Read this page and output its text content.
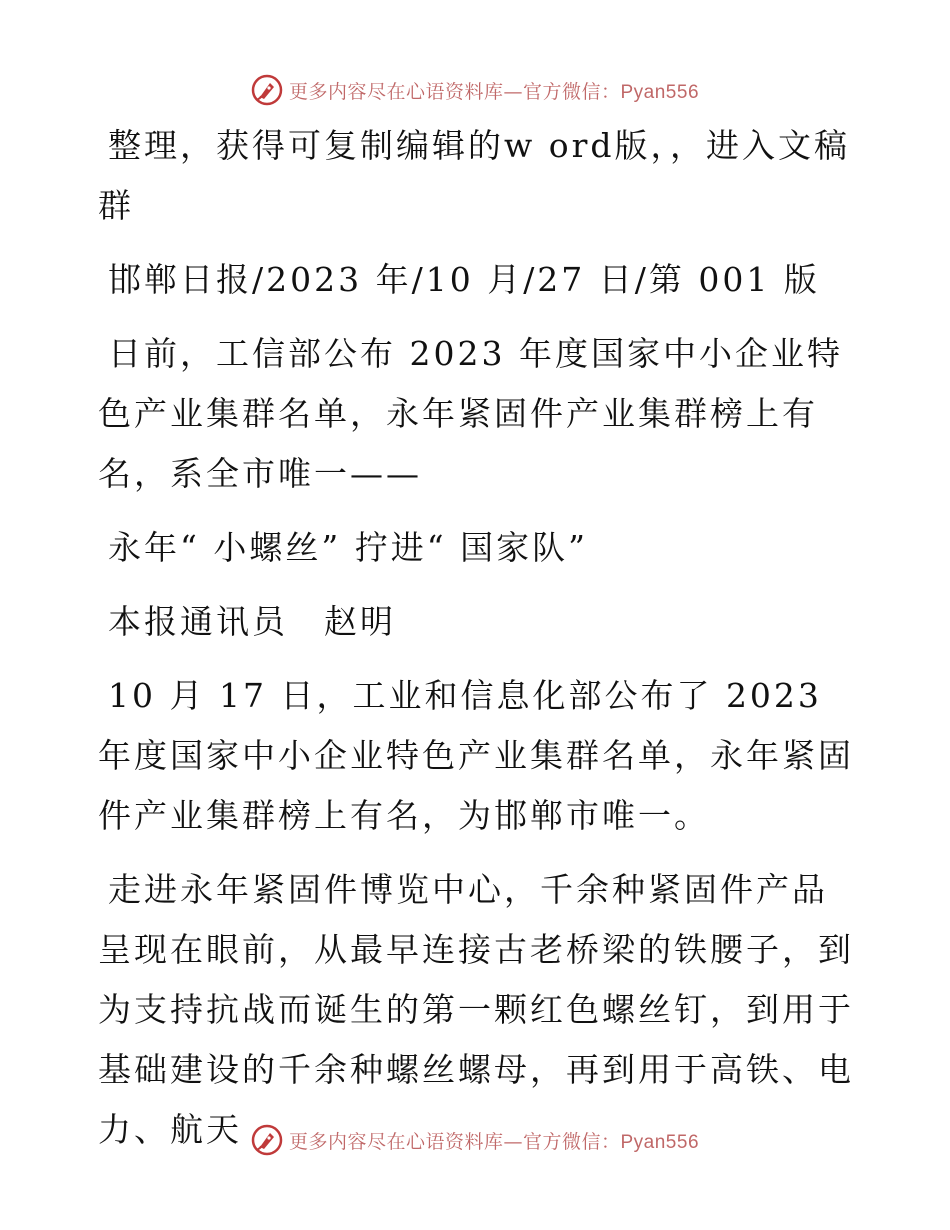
更多内容尽在心语资料库—官方微信：Pyan556

整理，获得可复制编辑的w ord版，，进入文稿群

邯郸日报/2023 年/10 月/27 日/第 001 版

日前，工信部公布 2023 年度国家中小企业特色产业集群名单，永年紧固件产业集群榜上有名，系全市唯一——

永年“ 小螺丝” 拧进“ 国家队”

本报通讯员　赵明

10 月 17 日，工业和信息化部公布了 2023 年度国家中小企业特色产业集群名单，永年紧固件产业集群榜上有名，为邯郸市唯一。

走进永年紧固件博览中心，千余种紧固件产品呈现在眼前，从最早连接古老桥梁的铁腰子，到为支持抗战而诞生的第一颗红色螺丝钉，到用于基础建设的千余种螺丝螺母，再到用于高铁、电力、航天	更多内容尽在心语资料库—官方微信：Pyan556
